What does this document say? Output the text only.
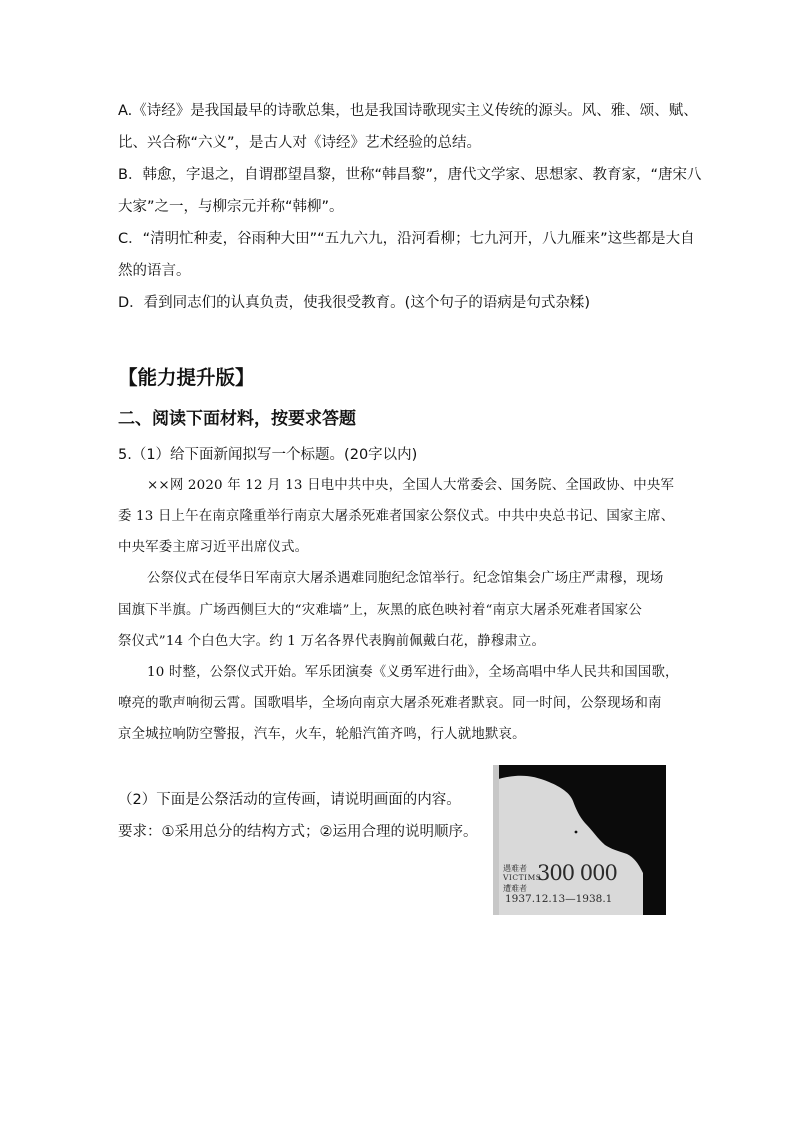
A.《诗经》是我国最早的诗歌总集，也是我国诗歌现实主义传统的源头。风、雅、颂、赋、
比、兴合称“六义”，是古人对《诗经》艺术经验的总结。
B．韩愈，字退之，自谓郡望昌黎，世称“韩昌黎”，唐代文学家、思想家、教育家，“唐宋八
大家”之一，与柳宗元并称“韩柳”。
C．“清明忙种麦，谷雨种大田”“五九六九，沿河看柳；七九河开，八九雁来”这些都是大自
然的语言。
D．看到同志们的认真负责，使我很受教育。(这个句子的语病是句式杂糅)
【能力提升版】
二、阅读下面材料，按要求答题
5.（1）给下面新闻拟写一个标题。(20字以内)
××网 2020 年 12 月 13 日电中共中央，全国人大常委会、国务院、全国政协、中央军
委 13 日上午在南京隆重举行南京大屠杀死难者国家公祭仪式。中共中央总书记、国家主席、
中央军委主席习近平出席仪式。
公祭仪式在侵华日军南京大屠杀遇难同胞纪念馆举行。纪念馆集会广场庄严肃穆，现场
国旗下半旗。广场西侧巨大的“灾难墙”上，灰黑的底色映衬着“南京大屠杀死难者国家公
祭仪式”14 个白色大字。约 1 万名各界代表胸前佩戴白花，静穆肃立。
10 时整，公祭仪式开始。军乐团演奏《义勇军进行曲》，全场高唱中华人民共和国国歌，
嘹亮的歌声响彻云霄。国歌唱毕，全场向南京大屠杀死难者默哀。同一时间，公祭现场和南
京全城拉响防空警报，汽车，火车，轮船汽笛齐鸣，行人就地默哀。
（2）下面是公祭活动的宣传画，请说明画面的内容。
要求：①采用总分的结构方式；②运用合理的说明顺序。
遇难者
VICTIMS
遭难者
300 000
1937.12.13—1938.1
